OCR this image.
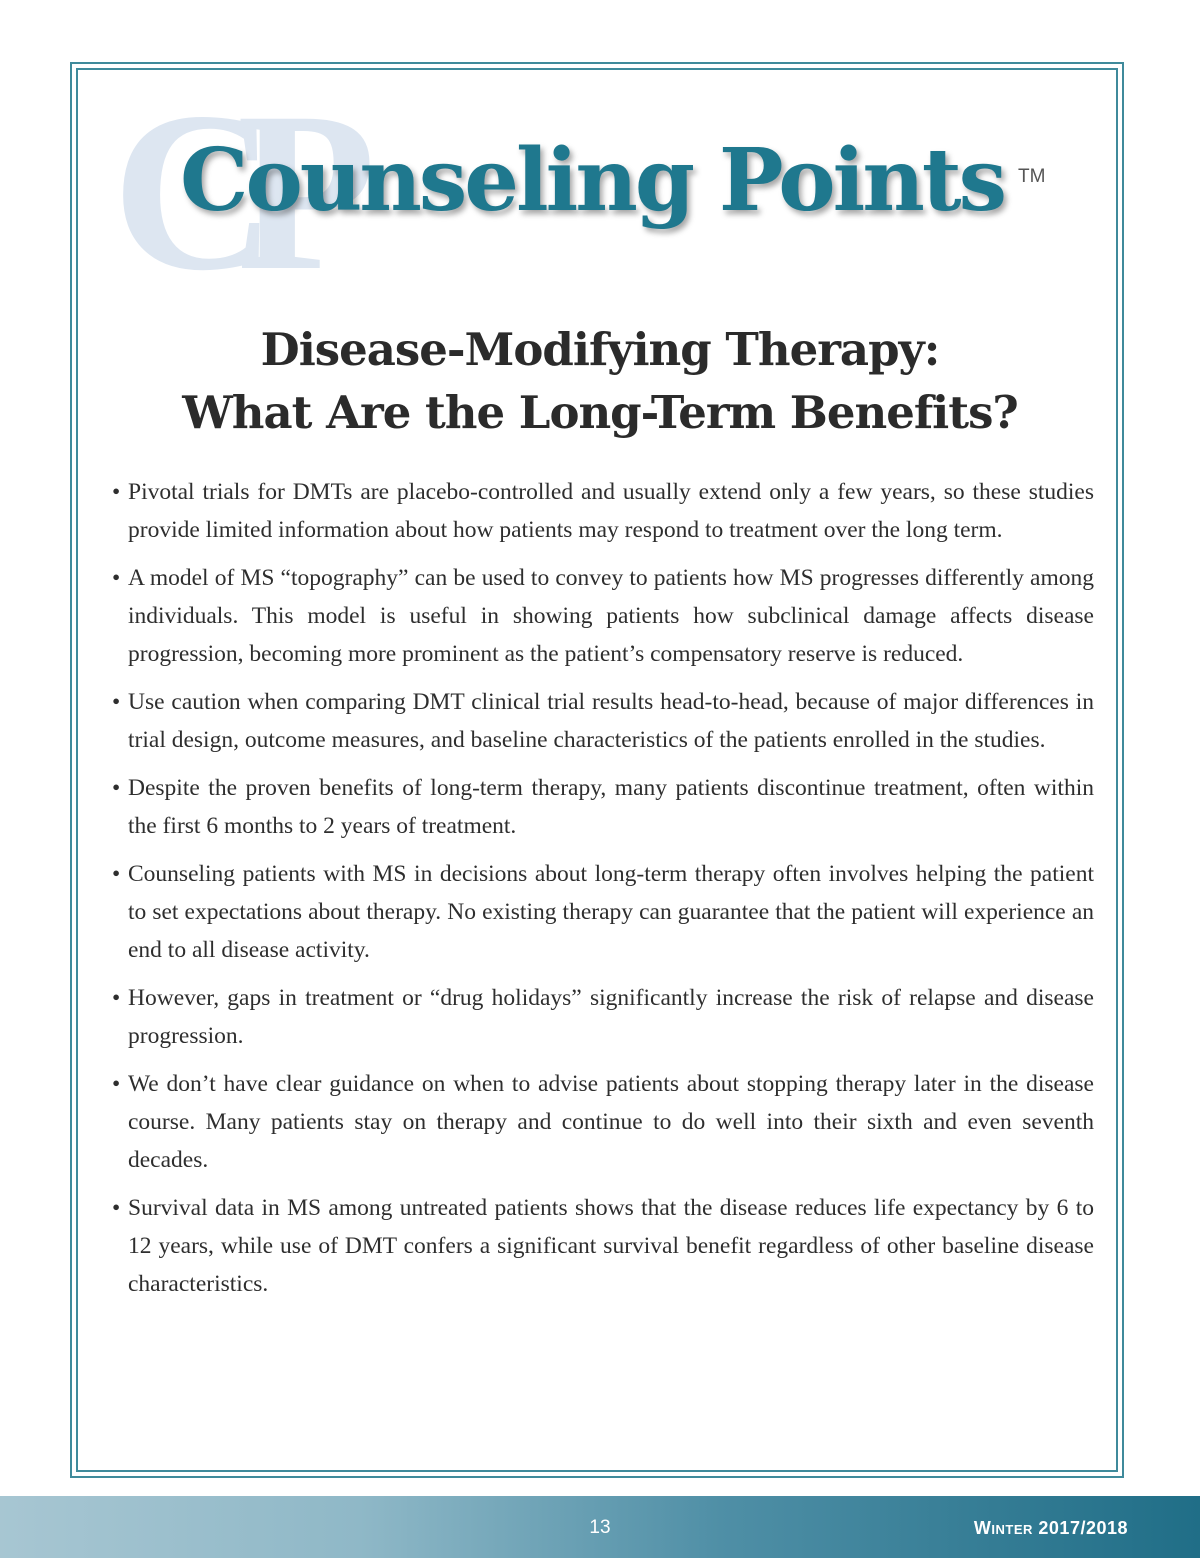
CP
Counseling Points TM
Disease-Modifying Therapy:
What Are the Long-Term Benefits?
• Pivotal trials for DMTs are placebo-controlled and usually extend only a few years, so these studies provide limited information about how patients may respond to treatment over the long term.
• A model of MS “topography” can be used to convey to patients how MS progresses differently among individuals. This model is useful in showing patients how subclinical damage affects disease progression, becoming more prominent as the patient’s compensatory reserve is reduced.
• Use caution when comparing DMT clinical trial results head-to-head, because of major differences in trial design, outcome measures, and baseline characteristics of the patients enrolled in the studies.
• Despite the proven benefits of long-term therapy, many patients discontinue treatment, often within the first 6 months to 2 years of treatment.
• Counseling patients with MS in decisions about long-term therapy often involves helping the patient to set expectations about therapy. No existing therapy can guarantee that the patient will experience an end to all disease activity.
• However, gaps in treatment or “drug holidays” significantly increase the risk of relapse and disease progression.
• We don’t have clear guidance on when to advise patients about stopping therapy later in the disease course. Many patients stay on therapy and continue to do well into their sixth and even seventh decades.
• Survival data in MS among untreated patients shows that the disease reduces life expectancy by 6 to 12 years, while use of DMT confers a significant survival benefit regardless of other baseline disease characteristics.
13	Winter 2017/2018
